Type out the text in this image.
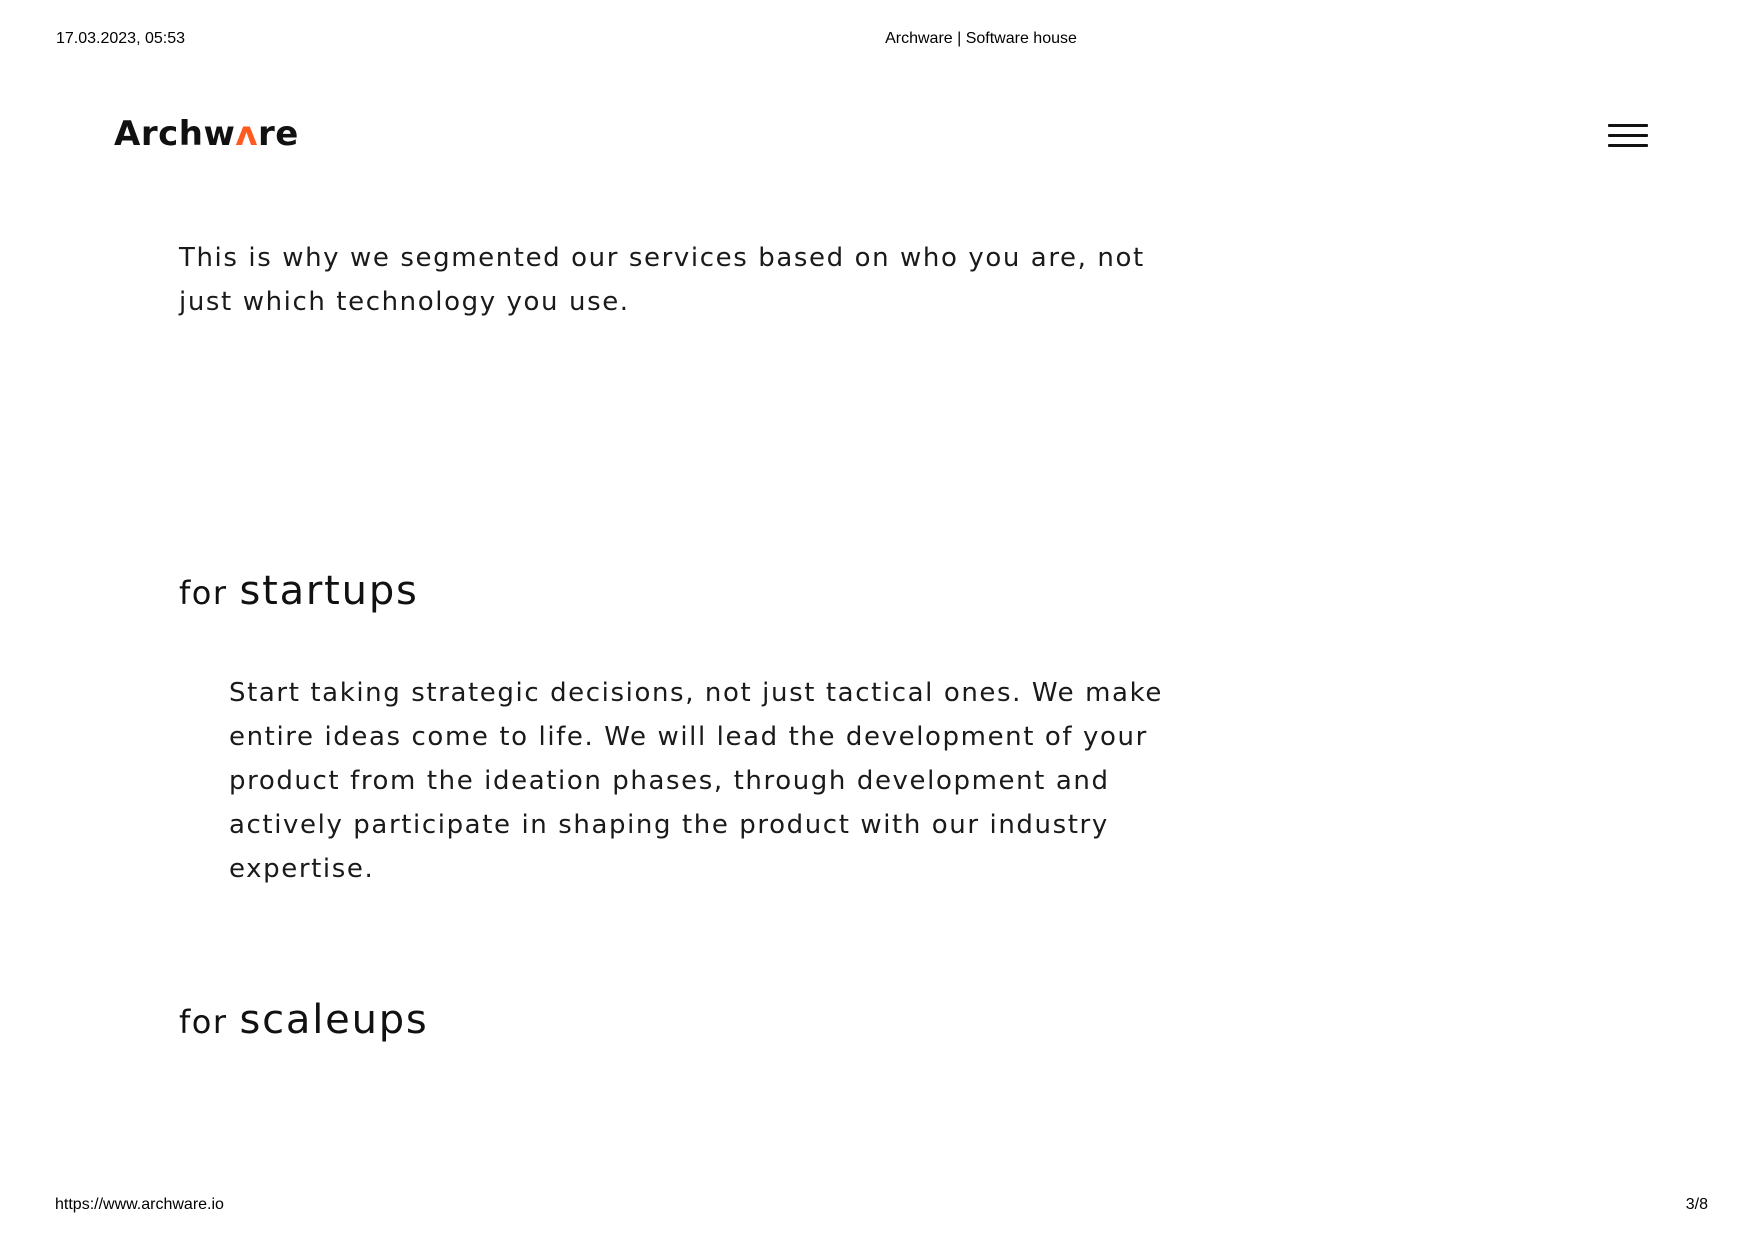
17.03.2023, 05:53	Archware | Software house
Archw ʌ re

This is why we segmented our services based on who you are, not just which technology you use.

for startups

Start taking strategic decisions, not just tactical ones. We make entire ideas come to life. We will lead the development of your product from the ideation phases, through development and actively participate in shaping the product with our industry expertise.

for scaleups
https://www.archware.io	3/8
